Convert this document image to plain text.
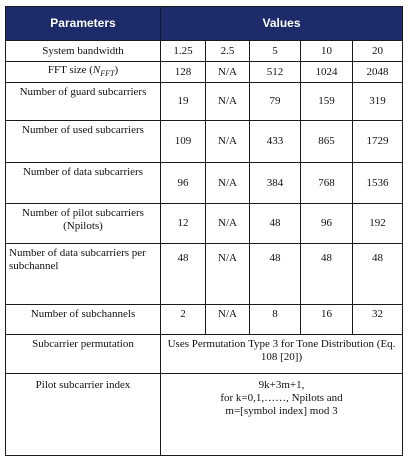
Parameters	Values				
System bandwidth	1.25	2.5	5	10	20
FFT size $(N_{FFT})$	128	N/A	512	1024	2048
Number of guard subcarriers	19	N/A	79	159	319
Number of used subcarriers	109	N/A	433	865	1729
Number of data subcarriers	96	N/A	384	768	1536
Number of pilot subcarriers (Npilots)	12	N/A	48	96	192
Number of data subcarriers per subchannel	48	N/A	48	48	48
Number of subchannels	2	N/A	8	16	32
Subcarrier permutation	Uses Permutation Type 3 for Tone Distribution (Eq. 108 [20])				
Pilot subcarrier index	9k+3m+1,
for k=0,1,……, Npilots and
m=[symbol index] mod 3				
